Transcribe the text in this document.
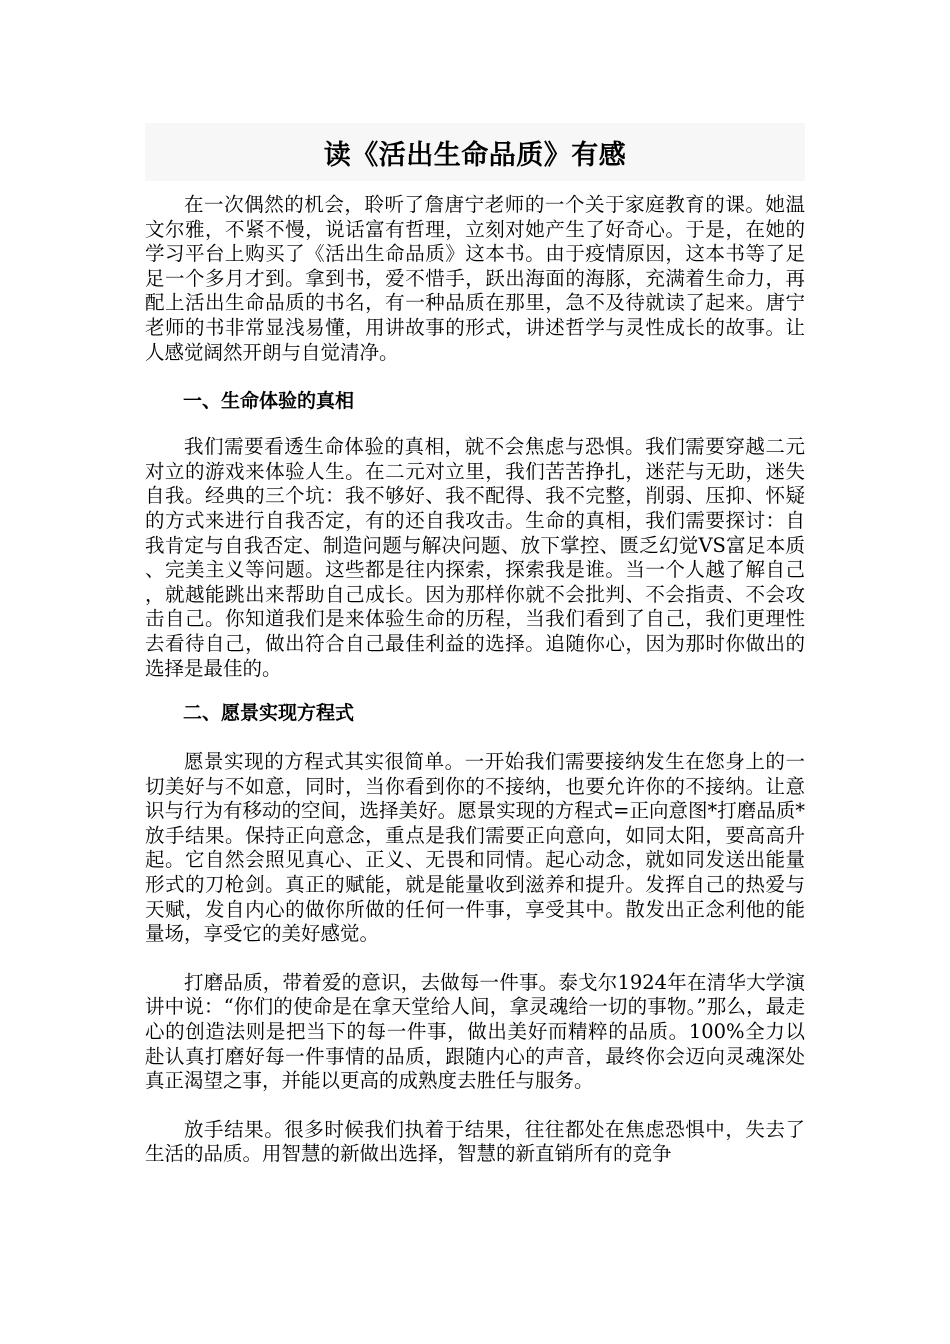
读《活出生命品质》有感

在一次偶然的机会，聆听了詹唐宁老师的一个关于家庭教育的课。她温文尔雅，不紧不慢，说话富有哲理，立刻对她产生了好奇心。于是，在她的学习平台上购买了《活出生命品质》这本书。由于疫情原因，这本书等了足足一个多月才到。拿到书，爱不惜手，跃出海面的海豚，充满着生命力，再配上活出生命品质的书名，有一种品质在那里，急不及待就读了起来。唐宁老师的书非常显浅易懂，用讲故事的形式，讲述哲学与灵性成长的故事。让人感觉阔然开朗与自觉清净。

一、生命体验的真相

我们需要看透生命体验的真相，就不会焦虑与恐惧。我们需要穿越二元对立的游戏来体验人生。在二元对立里，我们苦苦挣扎，迷茫与无助，迷失自我。经典的三个坑：我不够好、我不配得、我不完整，削弱、压抑、怀疑的方式来进行自我否定，有的还自我攻击。生命的真相，我们需要探讨：自我肯定与自我否定、制造问题与解决问题、放下掌控、匮乏幻觉VS富足本质、完美主义等问题。这些都是往内探索，探索我是谁。当一个人越了解自己，就越能跳出来帮助自己成长。因为那样你就不会批判、不会指责、不会攻击自己。你知道我们是来体验生命的历程，当我们看到了自己，我们更理性去看待自己，做出符合自己最佳利益的选择。追随你心，因为那时你做出的选择是最佳的。

二、愿景实现方程式

愿景实现的方程式其实很简单。一开始我们需要接纳发生在您身上的一切美好与不如意，同时，当你看到你的不接纳，也要允许你的不接纳。让意识与行为有移动的空间，选择美好。愿景实现的方程式=正向意图*打磨品质*放手结果。保持正向意念，重点是我们需要正向意向，如同太阳，要高高升起。它自然会照见真心、正义、无畏和同情。起心动念，就如同发送出能量形式的刀枪剑。真正的赋能，就是能量收到滋养和提升。发挥自己的热爱与天赋，发自内心的做你所做的任何一件事，享受其中。散发出正念利他的能量场，享受它的美好感觉。

打磨品质，带着爱的意识，去做每一件事。泰戈尔1924年在清华大学演讲中说：“你们的使命是在拿天堂给人间，拿灵魂给一切的事物。”那么，最走心的创造法则是把当下的每一件事，做出美好而精粹的品质。100%全力以赴认真打磨好每一件事情的品质，跟随内心的声音，最终你会迈向灵魂深处真正渴望之事，并能以更高的成熟度去胜任与服务。

放手结果。很多时候我们执着于结果，往往都处在焦虑恐惧中，失去了生活的品质。用智慧的新做出选择，智慧的新直销所有的竞争
